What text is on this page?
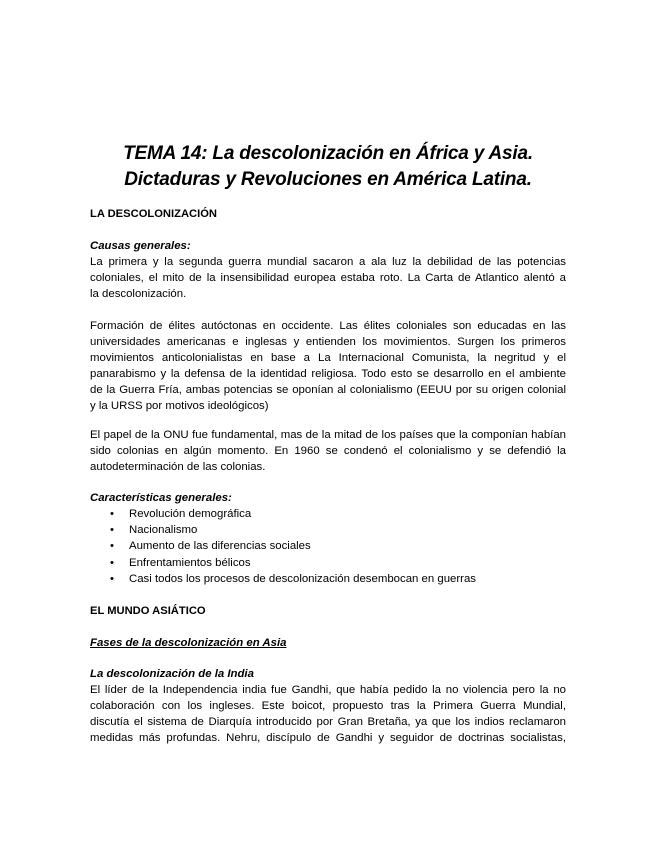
TEMA 14: La descolonización en África y Asia.
Dictaduras y Revoluciones en América Latina.
LA DESCOLONIZACIÓN
Causas generales:
La primera y la segunda guerra mundial sacaron a ala luz la debilidad de las potencias
coloniales, el mito de la insensibilidad europea estaba roto. La Carta de Atlantico alentó a
la descolonización.
Formación de élites autóctonas en occidente. Las élites coloniales son educadas en las
universidades americanas e inglesas y entienden los movimientos. Surgen los primeros
movimientos anticolonialistas en base a La Internacional Comunista, la negritud y el
panarabismo y la defensa de la identidad religiosa. Todo esto se desarrollo en el ambiente
de la Guerra Fría, ambas potencias se oponían al colonialismo (EEUU por su origen colonial
y la URSS por motivos ideológicos)
El papel de la ONU fue fundamental, mas de la mitad de los países que la componían habían
sido colonias en algún momento. En 1960 se condenó el colonialismo y se defendió la
autodeterminación de las colonias.
Características generales:
• Revolución demográfica
• Nacionalismo
• Aumento de las diferencias sociales
• Enfrentamientos bélicos
• Casi todos los procesos de descolonización desembocan en guerras
EL MUNDO ASIÁTICO
Fases de la descolonización en Asia
La descolonización de la India
El líder de la Independencia india fue Gandhi, que había pedido la no violencia pero la no
colaboración con los ingleses. Este boicot, propuesto tras la Primera Guerra Mundial,
discutía el sistema de Diarquía introducido por Gran Bretaña, ya que los indios reclamaron
medidas más profundas. Nehru, discípulo de Gandhi y seguidor de doctrinas socialistas,
